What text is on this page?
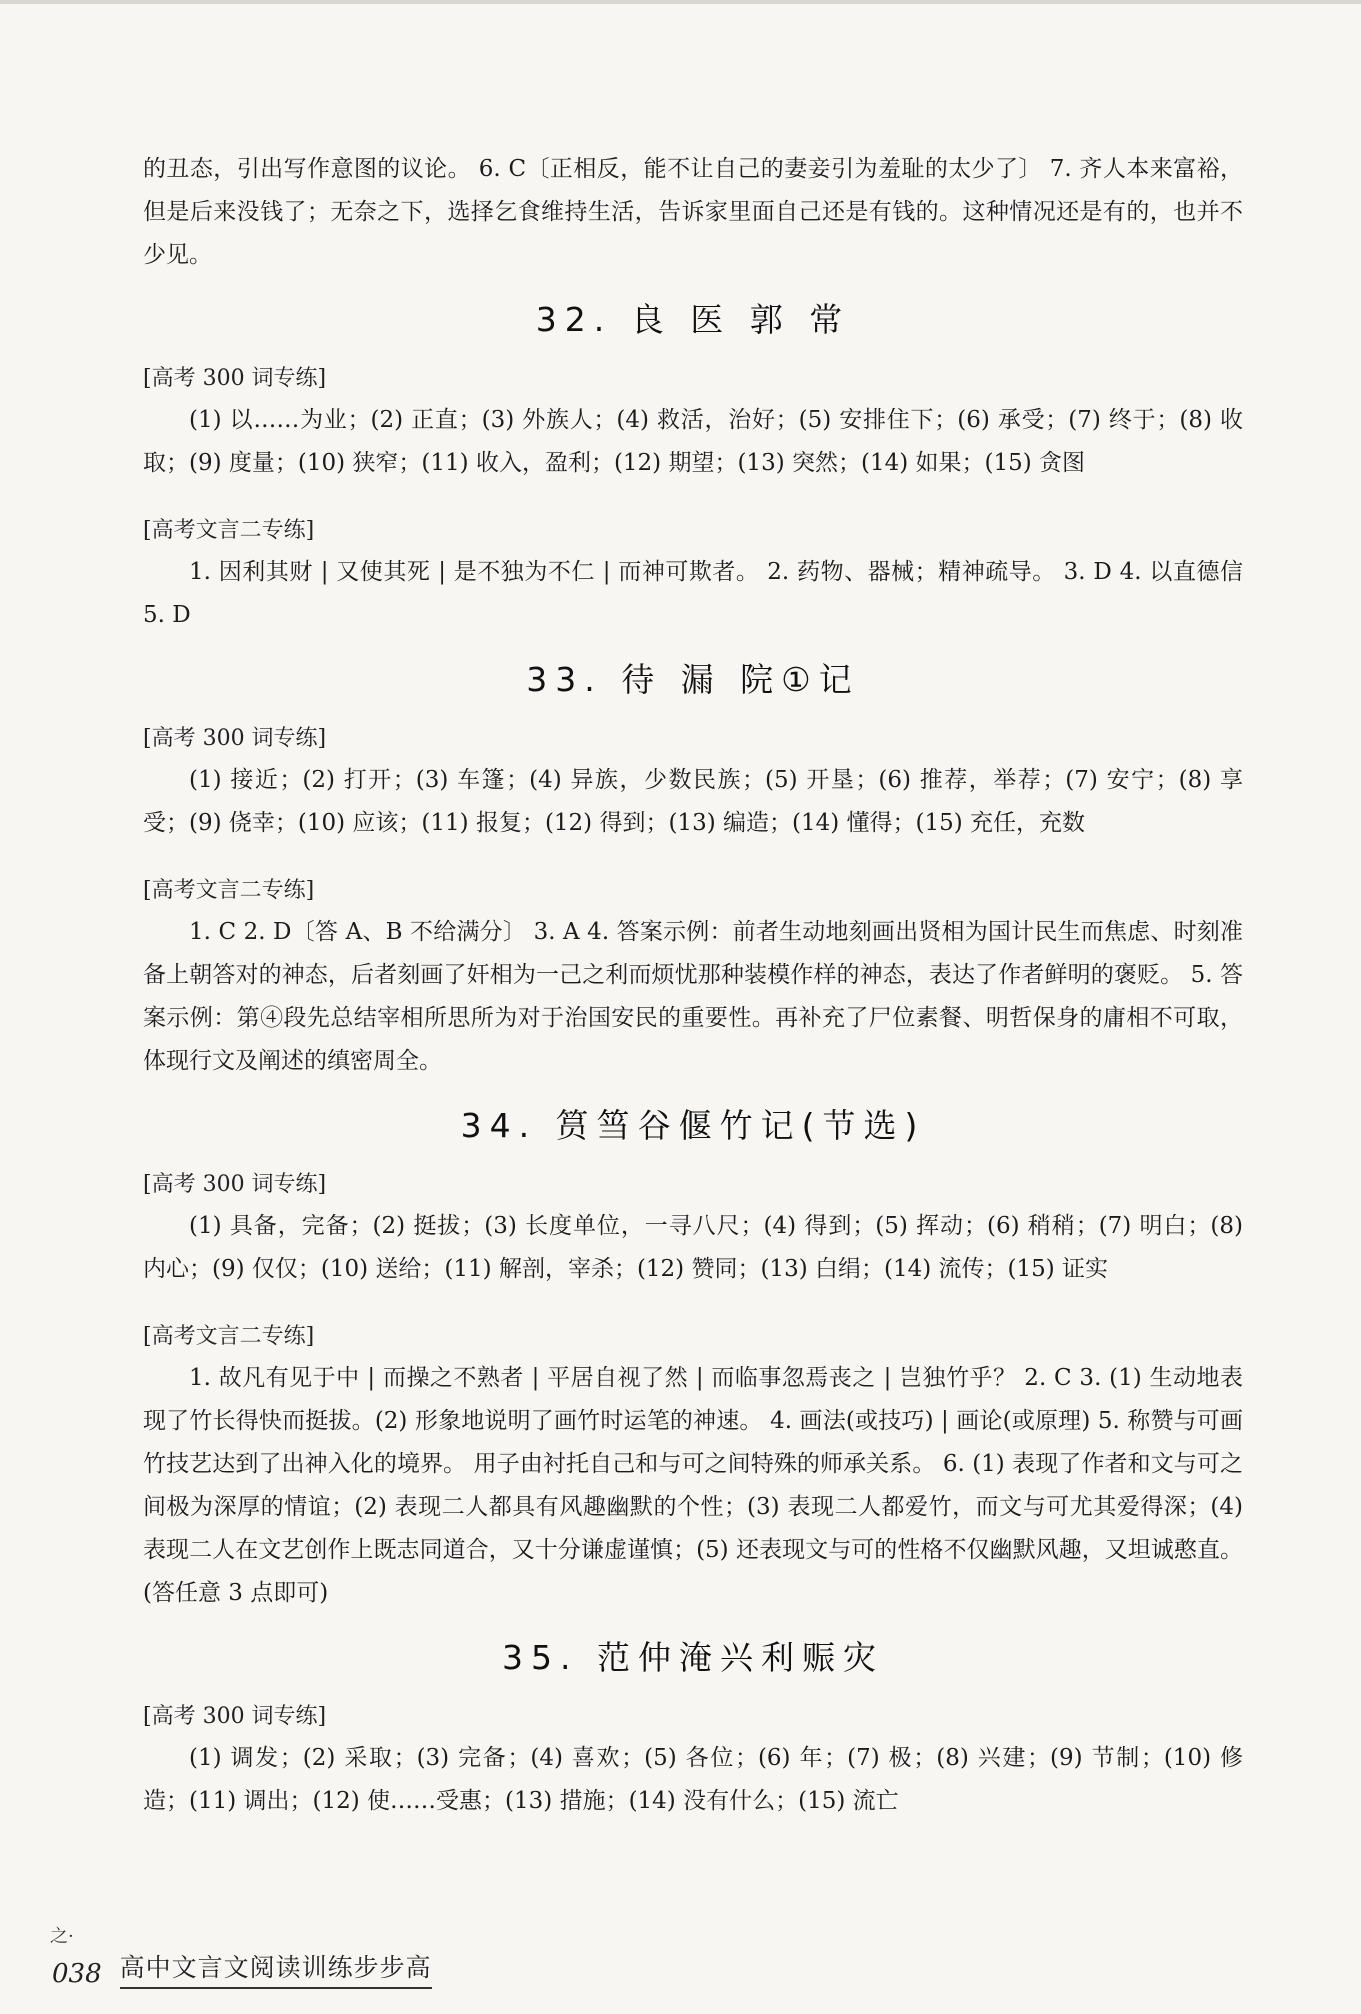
的丑态，引出写作意图的议论。 6. C〔正相反，能不让自己的妻妾引为羞耻的太少了〕 7. 齐人本来富裕，但是后来没钱了；无奈之下，选择乞食维持生活，告诉家里面自己还是有钱的。这种情况还是有的，也并不少见。

32. 良 医 郭 常
[高考 300 词专练]

(1) 以……为业；(2) 正直；(3) 外族人；(4) 救活，治好；(5) 安排住下；(6) 承受；(7) 终于；(8) 收取；(9) 度量；(10) 狭窄；(11) 收入，盈利；(12) 期望；(13) 突然；(14) 如果；(15) 贪图

[高考文言二专练]

1. 因利其财 | 又使其死 | 是不独为不仁 | 而神可欺者。 2. 药物、器械；精神疏导。 3. D 4. 以直德信 5. D

33. 待 漏 院①记
[高考 300 词专练]

(1) 接近；(2) 打开；(3) 车篷；(4) 异族，少数民族；(5) 开垦；(6) 推荐，举荐；(7) 安宁；(8) 享受；(9) 侥幸；(10) 应该；(11) 报复；(12) 得到；(13) 编造；(14) 懂得；(15) 充任，充数

[高考文言二专练]

1. C 2. D〔答 A、B 不给满分〕 3. A 4. 答案示例：前者生动地刻画出贤相为国计民生而焦虑、时刻准备上朝答对的神态，后者刻画了奸相为一己之利而烦忧那种装模作样的神态，表达了作者鲜明的褒贬。 5. 答案示例：第④段先总结宰相所思所为对于治国安民的重要性。再补充了尸位素餐、明哲保身的庸相不可取，体现行文及阐述的缜密周全。

34. 筼筜谷偃竹记(节选)
[高考 300 词专练]

(1) 具备，完备；(2) 挺拔；(3) 长度单位，一寻八尺；(4) 得到；(5) 挥动；(6) 稍稍；(7) 明白；(8) 内心；(9) 仅仅；(10) 送给；(11) 解剖，宰杀；(12) 赞同；(13) 白绢；(14) 流传；(15) 证实

[高考文言二专练]

1. 故凡有见于中 | 而操之不熟者 | 平居自视了然 | 而临事忽焉丧之 | 岂独竹乎？ 2. C 3. (1) 生动地表现了竹长得快而挺拔。(2) 形象地说明了画竹时运笔的神速。 4. 画法(或技巧) | 画论(或原理) 5. 称赞与可画竹技艺达到了出神入化的境界。 用子由衬托自己和与可之间特殊的师承关系。 6. (1) 表现了作者和文与可之间极为深厚的情谊；(2) 表现二人都具有风趣幽默的个性；(3) 表现二人都爱竹，而文与可尤其爱得深；(4) 表现二人在文艺创作上既志同道合，又十分谦虚谨慎；(5) 还表现文与可的性格不仅幽默风趣，又坦诚憨直。(答任意 3 点即可)

35. 范仲淹兴利赈灾
[高考 300 词专练]

(1) 调发；(2) 采取；(3) 完备；(4) 喜欢；(5) 各位；(6) 年；(7) 极；(8) 兴建；(9) 节制；(10) 修造；(11) 调出；(12) 使……受惠；(13) 措施；(14) 没有什么；(15) 流亡

之·
038 高中文言文阅读训练步步高
